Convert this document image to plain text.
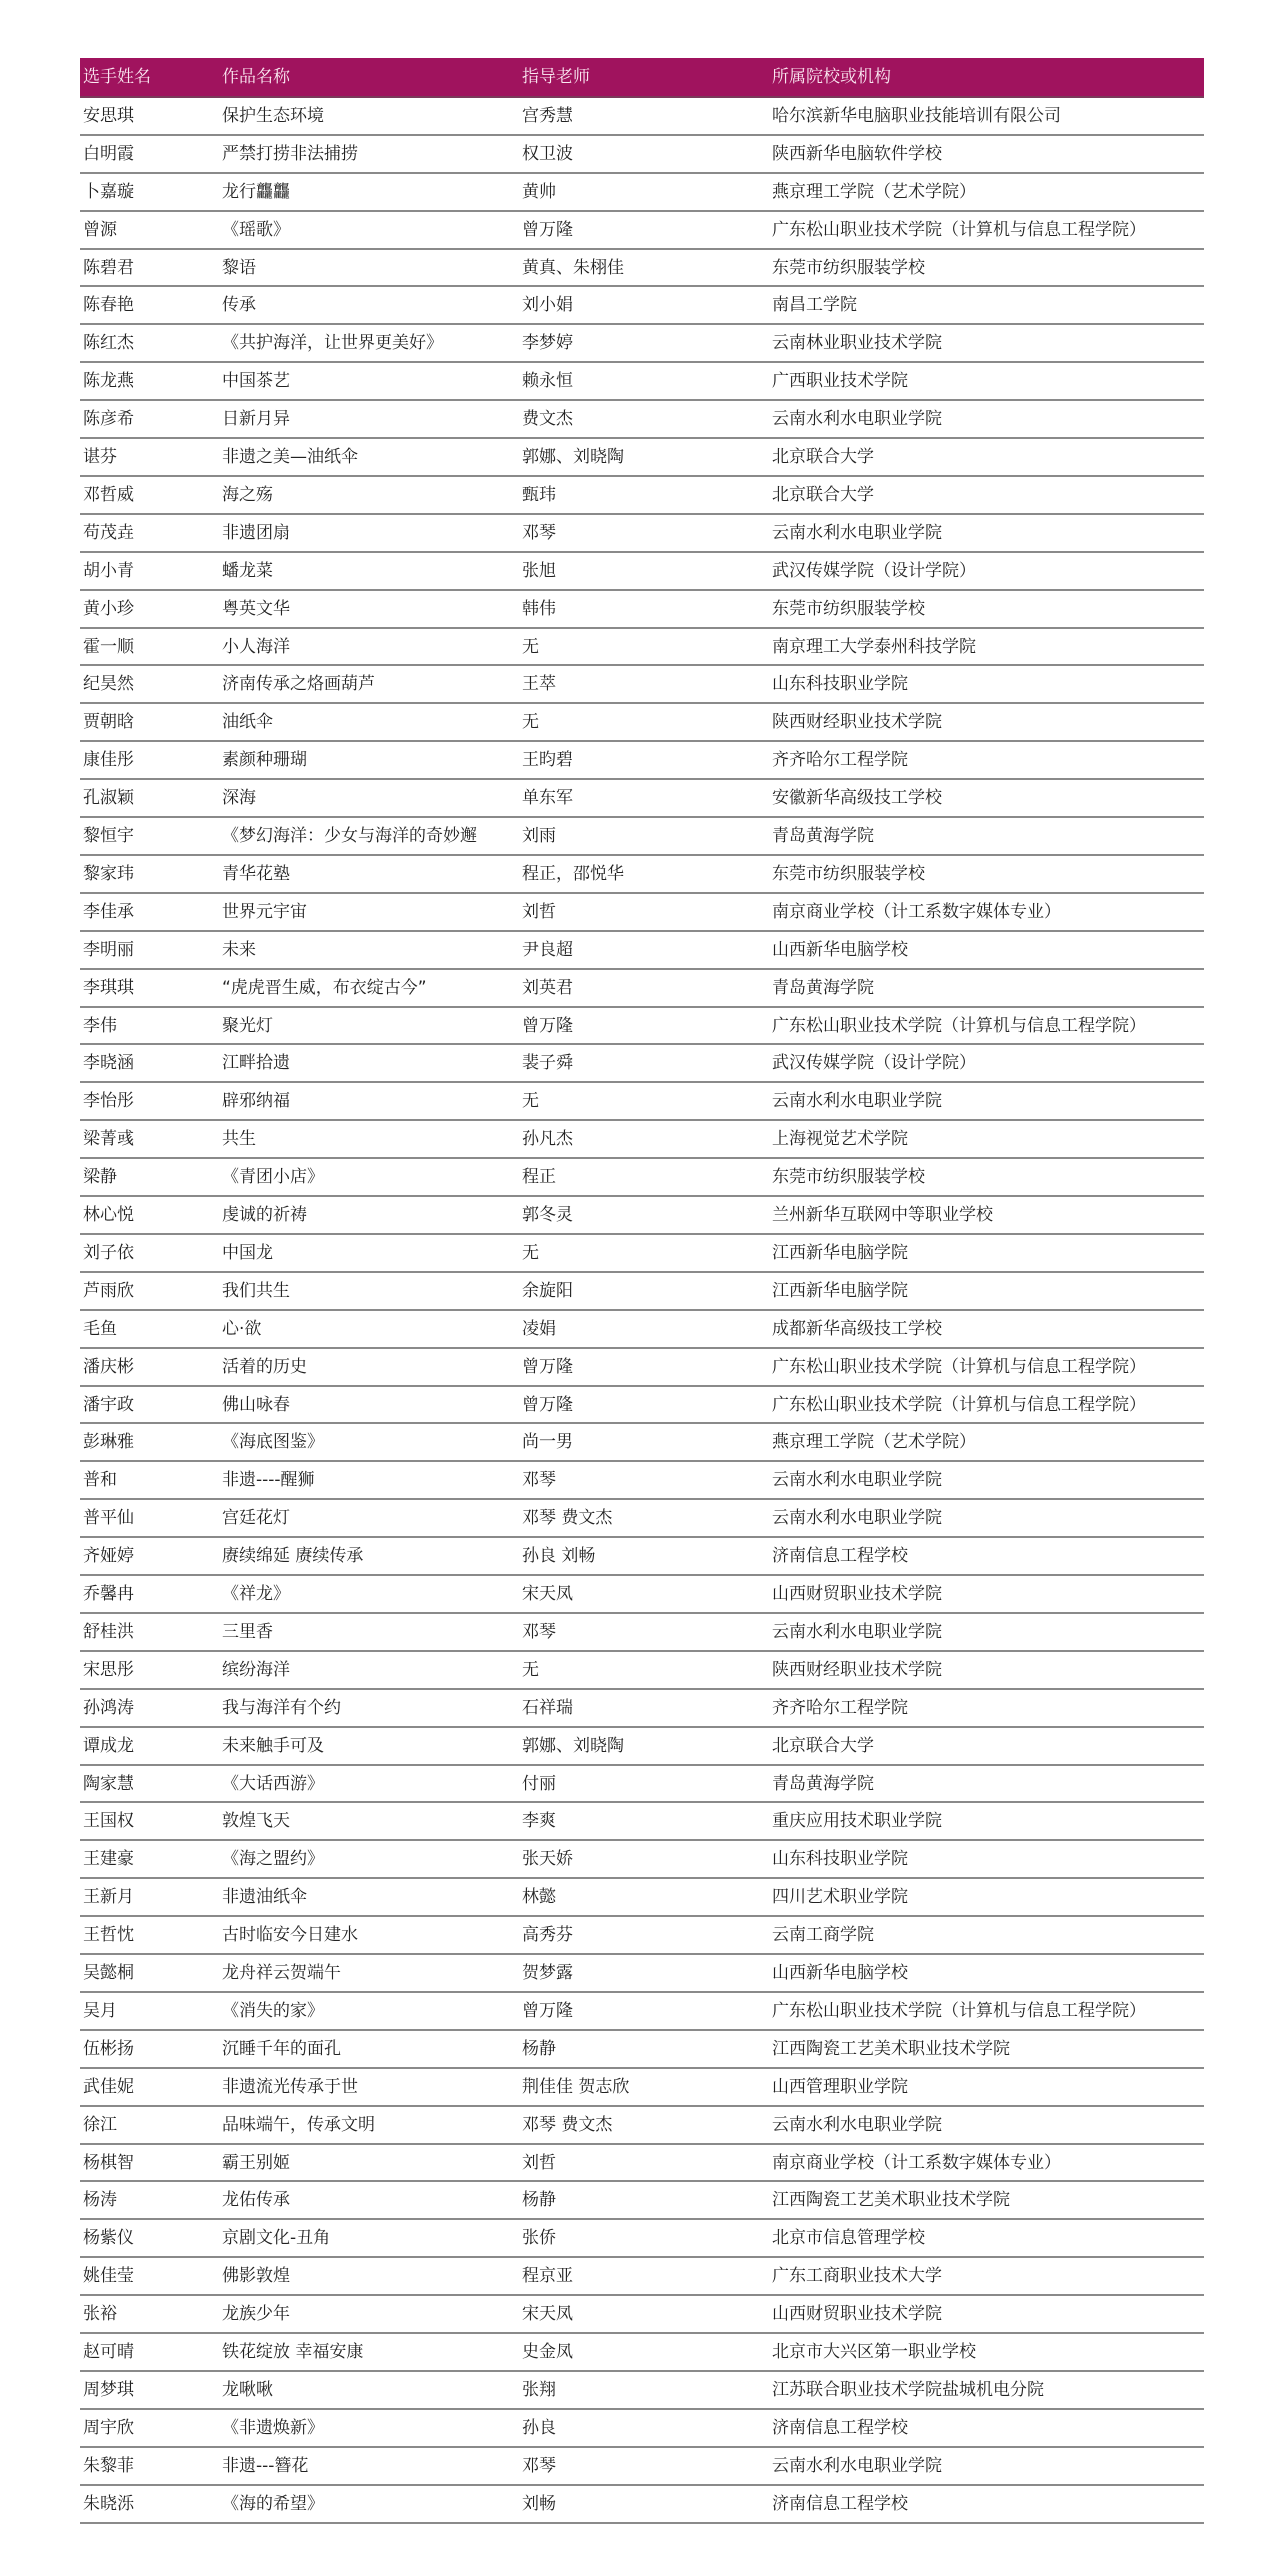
选手姓名	作品名称	指导老师	所属院校或机构
安思琪	保护生态环境	宫秀慧	哈尔滨新华电脑职业技能培训有限公司
白明霞	严禁打捞非法捕捞	权卫波	陕西新华电脑软件学校
卜嘉璇	龙行龘龘	黄帅	燕京理工学院（艺术学院）
曾源	《瑶歌》	曾万隆	广东松山职业技术学院（计算机与信息工程学院）
陈碧君	黎语	黄真、朱栩佳	东莞市纺织服装学校
陈春艳	传承	刘小娟	南昌工学院
陈红杰	《共护海洋，让世界更美好》	李梦婷	云南林业职业技术学院
陈龙燕	中国茶艺	赖永恒	广西职业技术学院
陈彦希	日新月异	费文杰	云南水利水电职业学院
谌芬	非遗之美—油纸伞	郭娜、刘晓陶	北京联合大学
邓哲威	海之殇	甄玮	北京联合大学
苟茂垚	非遗团扇	邓琴	云南水利水电职业学院
胡小青	蟠龙菜	张旭	武汉传媒学院（设计学院）
黄小珍	粤英文华	韩伟	东莞市纺织服装学校
霍一顺	小人海洋	无	南京理工大学泰州科技学院
纪昊然	济南传承之烙画葫芦	王萃	山东科技职业学院
贾朝晗	油纸伞	无	陕西财经职业技术学院
康佳彤	素颜种珊瑚	王昀碧	齐齐哈尔工程学院
孔淑颖	深海	单东军	安徽新华高级技工学校
黎恒宇	《梦幻海洋：少女与海洋的奇妙邂	刘雨	青岛黄海学院
黎家玮	青华花塾	程正，邵悦华	东莞市纺织服装学校
李佳承	世界元宇宙	刘哲	南京商业学校（计工系数字媒体专业）
李明丽	未来	尹良超	山西新华电脑学校
李琪琪	“虎虎晋生威，布衣绽古今”	刘英君	青岛黄海学院
李伟	聚光灯	曾万隆	广东松山职业技术学院（计算机与信息工程学院）
李晓涵	江畔拾遗	裴子舜	武汉传媒学院（设计学院）
李怡彤	辟邪纳福	无	云南水利水电职业学院
梁菁彧	共生	孙凡杰	上海视觉艺术学院
梁静	《青团小店》	程正	东莞市纺织服装学校
林心悦	虔诚的祈祷	郭冬灵	兰州新华互联网中等职业学校
刘子依	中国龙	无	江西新华电脑学院
芦雨欣	我们共生	余旋阳	江西新华电脑学院
毛鱼	心·欲	凌娟	成都新华高级技工学校
潘庆彬	活着的历史	曾万隆	广东松山职业技术学院（计算机与信息工程学院）
潘宇政	佛山咏春	曾万隆	广东松山职业技术学院（计算机与信息工程学院）
彭琳雅	《海底图鉴》	尚一男	燕京理工学院（艺术学院）
普和	非遗----醒狮	邓琴	云南水利水电职业学院
普平仙	宫廷花灯	邓琴 费文杰	云南水利水电职业学院
齐娅婷	赓续绵延 赓续传承	孙良 刘畅	济南信息工程学校
乔馨冉	《祥龙》	宋天凤	山西财贸职业技术学院
舒桂洪	三里香	邓琴	云南水利水电职业学院
宋思彤	缤纷海洋	无	陕西财经职业技术学院
孙鸿涛	我与海洋有个约	石祥瑞	齐齐哈尔工程学院
谭成龙	未来触手可及	郭娜、刘晓陶	北京联合大学
陶家慧	《大话西游》	付丽	青岛黄海学院
王国权	敦煌飞天	李爽	重庆应用技术职业学院
王建豪	《海之盟约》	张天娇	山东科技职业学院
王新月	非遗油纸伞	林懿	四川艺术职业学院
王哲忱	古时临安今日建水	高秀芬	云南工商学院
吴懿桐	龙舟祥云贺端午	贺梦露	山西新华电脑学校
吴月	《消失的家》	曾万隆	广东松山职业技术学院（计算机与信息工程学院）
伍彬扬	沉睡千年的面孔	杨静	江西陶瓷工艺美术职业技术学院
武佳妮	非遗流光传承于世	荆佳佳 贺志欣	山西管理职业学院
徐江	品味端午，传承文明	邓琴 费文杰	云南水利水电职业学院
杨棋智	霸王别姬	刘哲	南京商业学校（计工系数字媒体专业）
杨涛	龙佑传承	杨静	江西陶瓷工艺美术职业技术学院
杨紫仪	京剧文化-丑角	张侨	北京市信息管理学校
姚佳莹	佛影敦煌	程京亚	广东工商职业技术大学
张裕	龙族少年	宋天凤	山西财贸职业技术学院
赵可晴	铁花绽放 幸福安康	史金凤	北京市大兴区第一职业学校
周梦琪	龙啾啾	张翔	江苏联合职业技术学院盐城机电分院
周宇欣	《非遗焕新》	孙良	济南信息工程学校
朱黎菲	非遗---簪花	邓琴	云南水利水电职业学院
朱晓泺	《海的希望》	刘畅	济南信息工程学校
